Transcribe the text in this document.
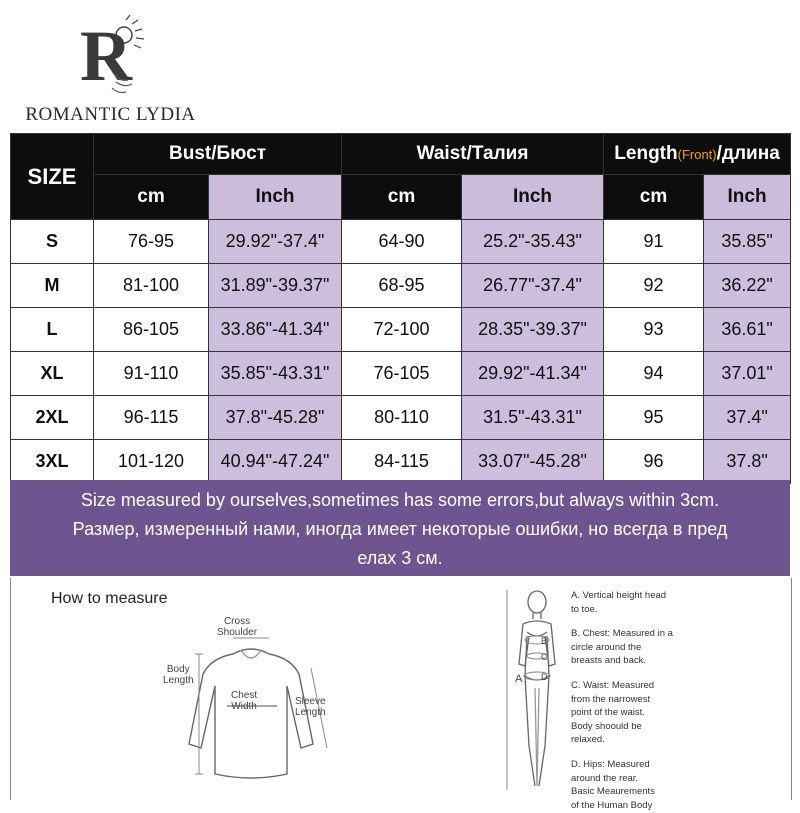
R
ROMANTIC LYDIA
SIZE	Bust/Бюст		Waist/Талия		Length(Front)/длина	
	cm	Inch	cm	Inch	cm	Inch
S	76-95	29.92"-37.4"	64-90	25.2"-35.43"	91	35.85"
M	81-100	31.89"-39.37"	68-95	26.77"-37.4"	92	36.22"
L	86-105	33.86"-41.34"	72-100	28.35"-39.37"	93	36.61"
XL	91-110	35.85"-43.31"	76-105	29.92"-41.34"	94	37.01"
2XL	96-115	37.8"-45.28"	80-110	31.5"-43.31"	95	37.4"
3XL	101-120	40.94"-47.24"	84-115	33.07"-45.28"	96	37.8"
Size measured by ourselves,sometimes has some errors,but always within 3cm.
Размер, измеренный нами, иногда имеет некоторые ошибки, но всегда в пред
елах 3 см.
How to measure
Cross
Shoulder
Body
Length
Chest
Width	Sleeve
Length
A
B
C
D
A. Vertical height head
to toe.
B. Chest: Measured in a
circle around the
breasts and back.
C. Waist: Measured
from the narrowest
point of the waist.
Body shoould be
relaxed.
D. Hips: Measured
around the rear.
Basic Meaurements
of the Human Body
